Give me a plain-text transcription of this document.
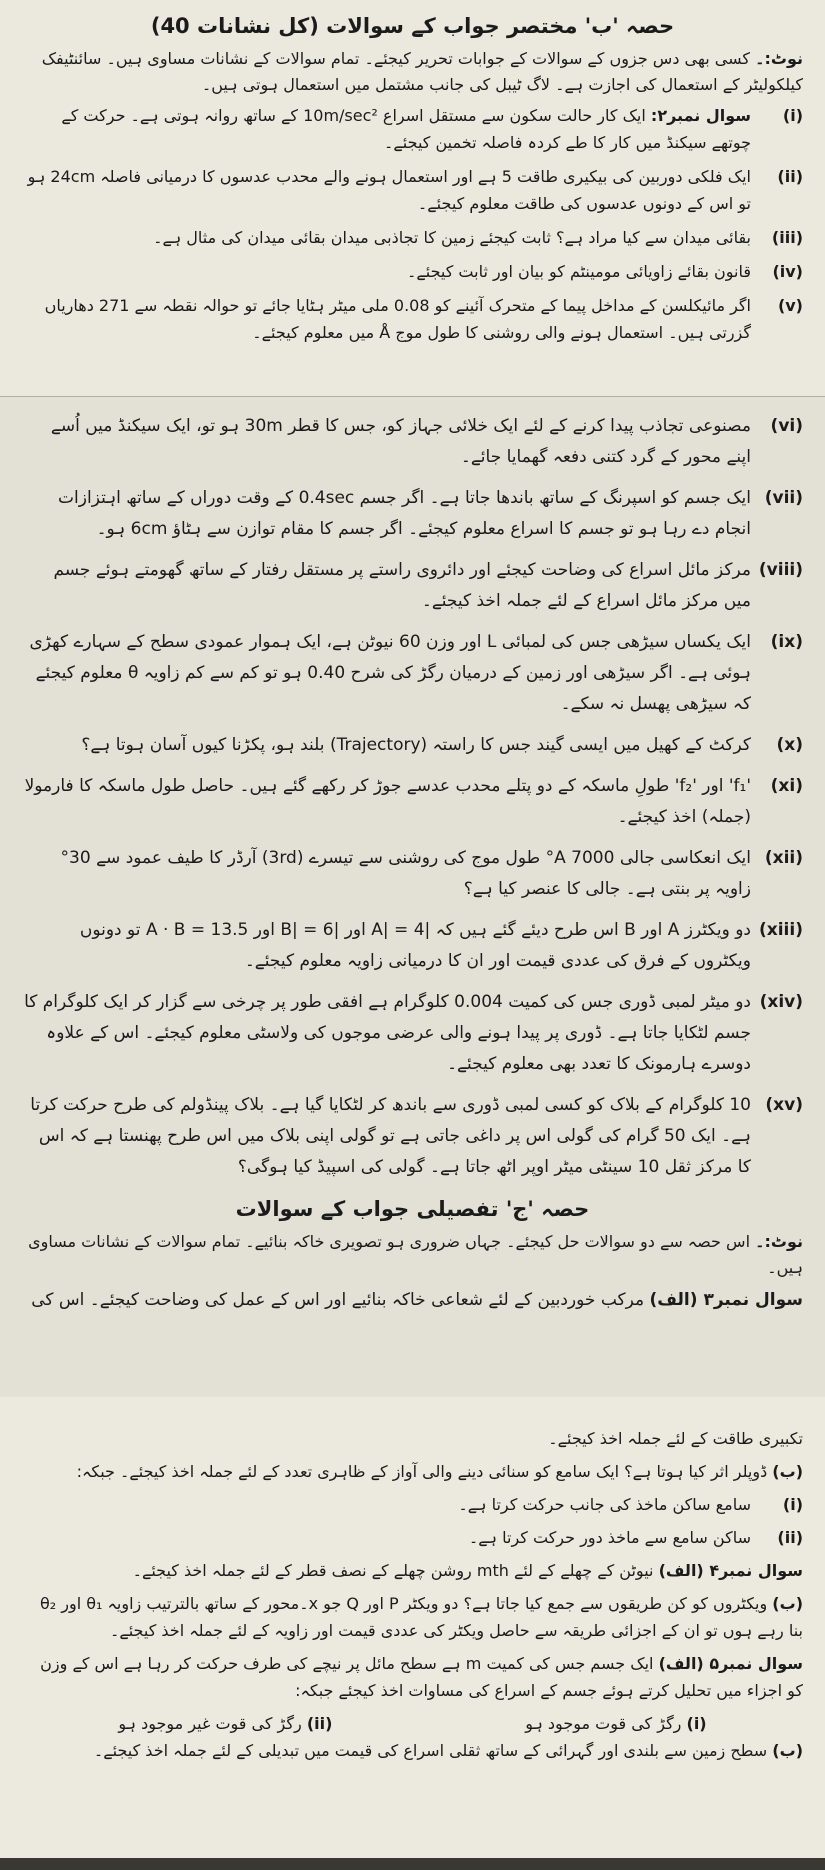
حصہ 'ب' مختصر جواب کے سوالات (کل نشانات 40)
نوٹ:۔ کسی بھی دس جزوں کے سوالات کے جوابات تحریر کیجئے۔ تمام سوالات کے نشانات مساوی ہیں۔ سائنٹیفک کیلکولیٹر کے استعمال کی اجازت ہے۔ لاگ ٹیبل کی جانب مشتمل میں استعمال ہوتی ہیں۔
(i)
سوال نمبر۲: ایک کار حالت سکون سے مستقل اسراع 10m/sec² کے ساتھ روانہ ہوتی ہے۔ حرکت کے چوتھے سیکنڈ میں کار کا طے کردہ فاصلہ تخمین کیجئے۔
(ii)
ایک فلکی دوربین کی بیکیری طاقت 5 ہے اور استعمال ہونے والے محدب عدسوں کا درمیانی فاصلہ 24cm ہو تو اس کے دونوں عدسوں کی طاقت معلوم کیجئے۔
(iii)
بقائی میدان سے کیا مراد ہے؟ ثابت کیجئے زمین کا تجاذبی میدان بقائی میدان کی مثال ہے۔
(iv)
قانون بقائے زاویائی مومینٹم کو بیان اور ثابت کیجئے۔
(v)
اگر مائیکلسن کے مداخل پیما کے متحرک آئینے کو 0.08 ملی میٹر ہٹایا جائے تو حوالہ نقطہ سے 271 دھاریاں گزرتی ہیں۔ استعمال ہونے والی روشنی کا طول موج Å میں معلوم کیجئے۔
(vi)
مصنوعی تجاذب پیدا کرنے کے لئے ایک خلائی جہاز کو، جس کا قطر 30m ہو تو، ایک سیکنڈ میں اُسے اپنے محور کے گرد کتنی دفعہ گھمایا جائے۔
(vii)
ایک جسم کو اسپرنگ کے ساتھ باندھا جاتا ہے۔ اگر جسم 0.4sec کے وقت دوراں کے ساتھ اہتزازات انجام دے رہا ہو تو جسم کا اسراع معلوم کیجئے۔ اگر جسم کا مقام توازن سے ہٹاؤ 6cm ہو۔
(viii)
مرکز مائل اسراع کی وضاحت کیجئے اور دائروی راستے پر مستقل رفتار کے ساتھ گھومتے ہوئے جسم میں مرکز مائل اسراع کے لئے جملہ اخذ کیجئے۔
(ix)
ایک یکساں سیڑھی جس کی لمبائی L اور وزن 60 نیوٹن ہے، ایک ہموار عمودی سطح کے سہارے کھڑی ہوئی ہے۔ اگر سیڑھی اور زمین کے درمیان رگڑ کی شرح 0.40 ہو تو کم سے کم زاویہ θ معلوم کیجئے کہ سیڑھی پھسل نہ سکے۔
(x)
کرکٹ کے کھیل میں ایسی گیند جس کا راستہ (Trajectory) بلند ہو، پکڑنا کیوں آسان ہوتا ہے؟
(xi)
'f₁' اور 'f₂' طولِ ماسکہ کے دو پتلے محدب عدسے جوڑ کر رکھے گئے ہیں۔ حاصل طول ماسکہ کا فارمولا (جملہ) اخذ کیجئے۔
(xii)
ایک انعکاسی جالی 7000 A° طول موج کی روشنی سے تیسرے (3rd) آرڈر کا طیف عمود سے 30° زاویہ پر بنتی ہے۔ جالی کا عنصر کیا ہے؟
(xiii)
دو ویکٹرز A اور B اس طرح دیئے گئے ہیں کہ |A| = 4 اور |B| = 6 اور A · B = 13.5 تو دونوں ویکٹروں کے فرق کی عددی قیمت اور ان کا درمیانی زاویہ معلوم کیجئے۔
(xiv)
دو میٹر لمبی ڈوری جس کی کمیت 0.004 کلوگرام ہے افقی طور پر چرخی سے گزار کر ایک کلوگرام کا جسم لٹکایا جاتا ہے۔ ڈوری پر پیدا ہونے والی عرضی موجوں کی ولاسٹی معلوم کیجئے۔ اس کے علاوہ دوسرے ہارمونک کا تعدد بھی معلوم کیجئے۔
(xv)
10 کلوگرام کے بلاک کو کسی لمبی ڈوری سے باندھ کر لٹکایا گیا ہے۔ بلاک پینڈولم کی طرح حرکت کرتا ہے۔ ایک 50 گرام کی گولی اس پر داغی جاتی ہے تو گولی اپنی بلاک میں اس طرح پھنستا ہے کہ اس کا مرکز ثقل 10 سینٹی میٹر اوپر اٹھ جاتا ہے۔ گولی کی اسپیڈ کیا ہوگی؟
حصہ 'ج' تفصیلی جواب کے سوالات
نوٹ:۔ اس حصہ سے دو سوالات حل کیجئے۔ جہاں ضروری ہو تصویری خاکہ بنائیے۔ تمام سوالات کے نشانات مساوی ہیں۔
سوال نمبر۳ (الف) مرکب خوردبین کے لئے شعاعی خاکہ بنائیے اور اس کے عمل کی وضاحت کیجئے۔ اس کی
تکبیری طاقت کے لئے جملہ اخذ کیجئے۔
(ب) ڈوپلر اثر کیا ہوتا ہے؟ ایک سامع کو سنائی دینے والی آواز کے ظاہری تعدد کے لئے جملہ اخذ کیجئے۔ جبکہ:
(i)
سامع ساکن ماخذ کی جانب حرکت کرتا ہے۔
(ii)
ساکن سامع سے ماخذ دور حرکت کرتا ہے۔
سوال نمبر۴ (الف) نیوٹن کے چھلے کے لئے mth روشن چھلے کے نصف قطر کے لئے جملہ اخذ کیجئے۔
(ب) ویکٹروں کو کن طریقوں سے جمع کیا جاتا ہے؟ دو ویکٹر P اور Q جو x۔محور کے ساتھ بالترتیب زاویہ θ₁ اور θ₂ بنا رہے ہوں تو ان کے اجزائی طریقہ سے حاصل ویکٹر کی عددی قیمت اور زاویہ کے لئے جملہ اخذ کیجئے۔
سوال نمبر۵ (الف) ایک جسم جس کی کمیت m ہے سطح مائل پر نیچے کی طرف حرکت کر رہا ہے اس کے وزن کو اجزاء میں تحلیل کرتے ہوئے جسم کے اسراع کی مساوات اخذ کیجئے جبکہ:
(i) رگڑ کی قوت موجود ہو
(ii) رگڑ کی قوت غیر موجود ہو
(ب) سطح زمین سے بلندی اور گہرائی کے ساتھ ثقلی اسراع کی قیمت میں تبدیلی کے لئے جملہ اخذ کیجئے۔
